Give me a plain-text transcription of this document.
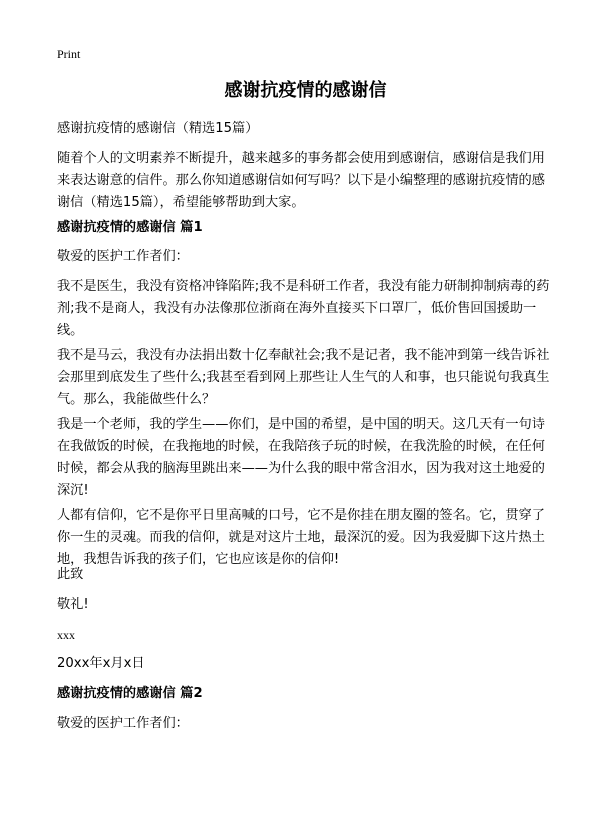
Print
感谢抗疫情的感谢信
感谢抗疫情的感谢信（精选15篇）
随着个人的文明素养不断提升，越来越多的事务都会使用到感谢信，感谢信是我们用来表达谢意的信件。那么你知道感谢信如何写吗？以下是小编整理的感谢抗疫情的感谢信（精选15篇），希望能够帮助到大家。
感谢抗疫情的感谢信 篇1
敬爱的医护工作者们：
我不是医生，我没有资格冲锋陷阵;我不是科研工作者，我没有能力研制抑制病毒的药剂;我不是商人，我没有办法像那位浙商在海外直接买下口罩厂，低价售回国援助一线。
我不是马云，我没有办法捐出数十亿奉献社会;我不是记者，我不能冲到第一线告诉社会那里到底发生了些什么;我甚至看到网上那些让人生气的人和事，也只能说句我真生气。那么，我能做些什么？
我是一个老师，我的学生——你们，是中国的希望，是中国的明天。这几天有一句诗在我做饭的时候，在我拖地的时候，在我陪孩子玩的时候，在我洗脸的时候，在任何时候，都会从我的脑海里跳出来——为什么我的眼中常含泪水，因为我对这土地爱的深沉!
人都有信仰，它不是你平日里高喊的口号，它不是你挂在朋友圈的签名。它，贯穿了你一生的灵魂。而我的信仰，就是对这片土地，最深沉的爱。因为我爱脚下这片热土地，我想告诉我的孩子们，它也应该是你的信仰!
此致
敬礼!
xxx
20xx年x月x日
感谢抗疫情的感谢信 篇2
敬爱的医护工作者们：
